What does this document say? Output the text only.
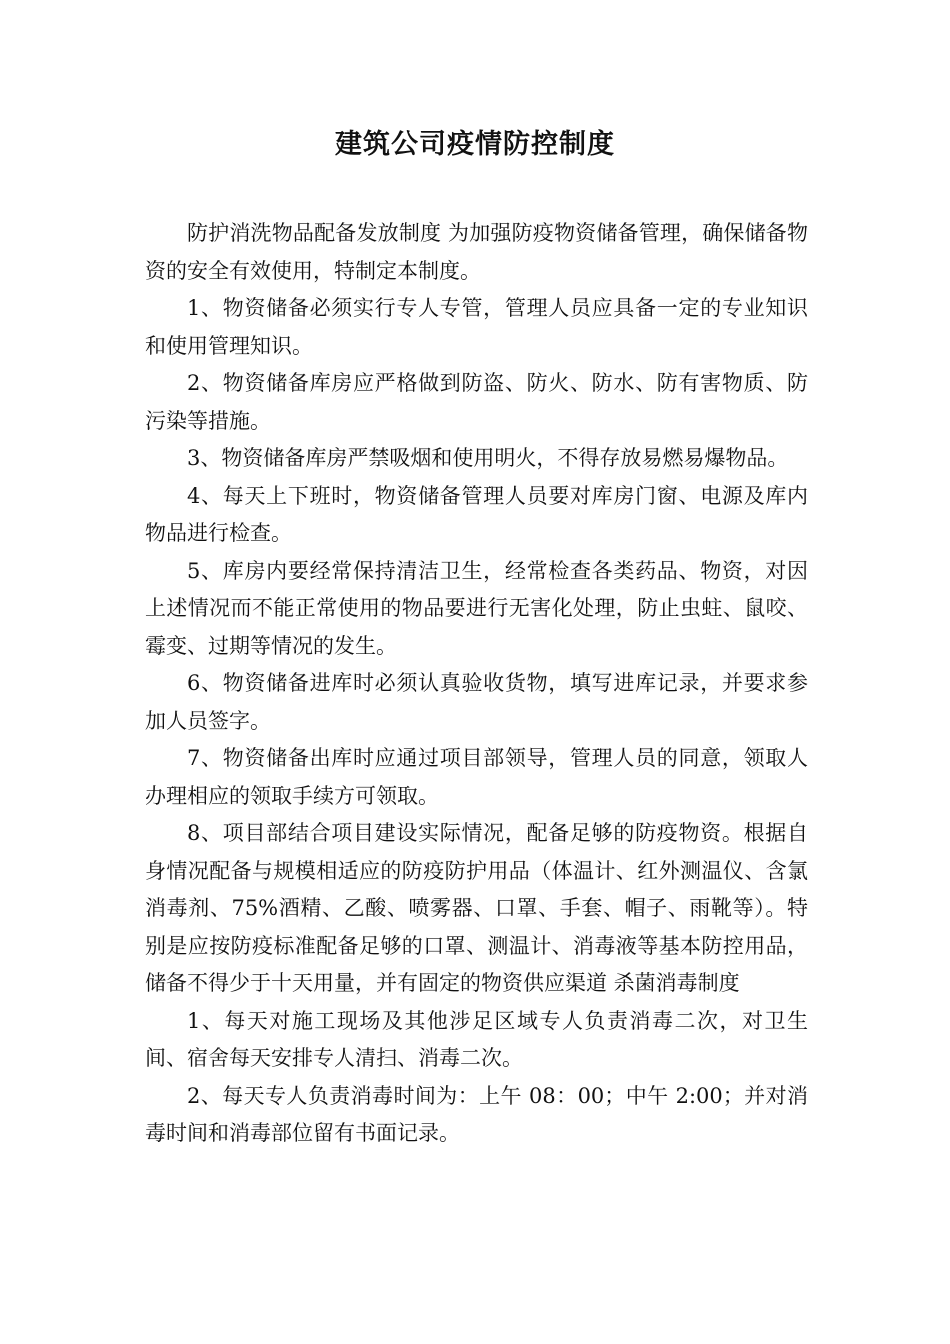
建筑公司疫情防控制度

防护消洗物品配备发放制度 为加强防疫物资储备管理，确保储备物资的安全有效使用，特制定本制度。

1、物资储备必须实行专人专管，管理人员应具备一定的专业知识和使用管理知识。

2、物资储备库房应严格做到防盗、防火、防水、防有害物质、防污染等措施。

3、物资储备库房严禁吸烟和使用明火，不得存放易燃易爆物品。

4、每天上下班时，物资储备管理人员要对库房门窗、电源及库内物品进行检查。

5、库房内要经常保持清洁卫生，经常检查各类药品、物资，对因上述情况而不能正常使用的物品要进行无害化处理，防止虫蛀、鼠咬、霉变、过期等情况的发生。

6、物资储备进库时必须认真验收货物，填写进库记录，并要求参加人员签字。

7、物资储备出库时应通过项目部领导，管理人员的同意，领取人办理相应的领取手续方可领取。

8、项目部结合项目建设实际情况，配备足够的防疫物资。根据自身情况配备与规模相适应的防疫防护用品（体温计、红外测温仪、含氯消毒剂、75%酒精、乙酸、喷雾器、口罩、手套、帽子、雨靴等）。特别是应按防疫标准配备足够的口罩、测温计、消毒液等基本防控用品，储备不得少于十天用量，并有固定的物资供应渠道 杀菌消毒制度

1、每天对施工现场及其他涉足区域专人负责消毒二次，对卫生间、宿舍每天安排专人清扫、消毒二次。

2、每天专人负责消毒时间为：上午 08：00；中午 2:00；并对消毒时间和消毒部位留有书面记录。
